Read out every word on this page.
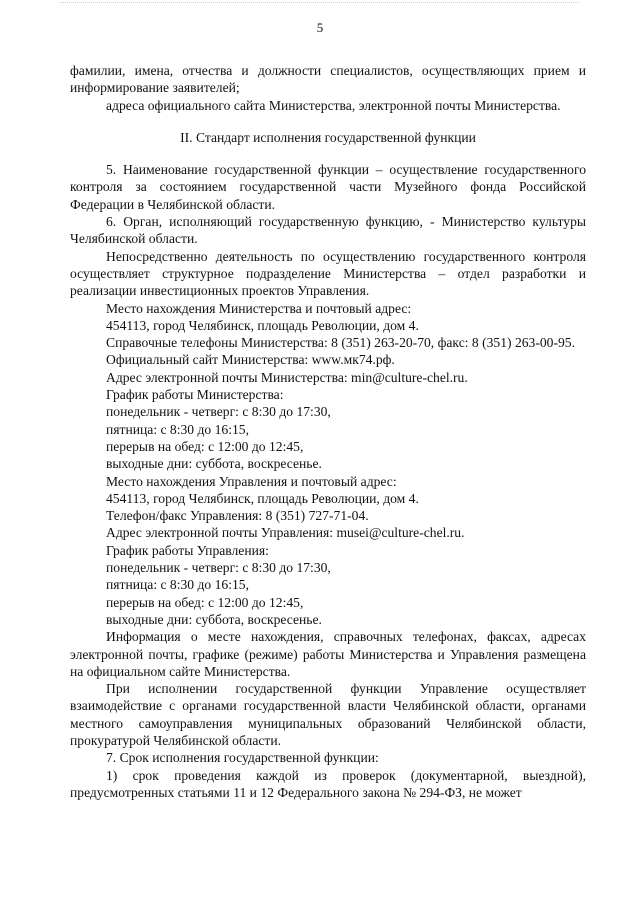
5

фамилии, имена, отчества и должности специалистов, осуществляющих прием и информирование заявителей;

адреса официального сайта Министерства, электронной почты Министерства.

II. Стандарт исполнения государственной функции

5. Наименование государственной функции – осуществление государственного контроля за состоянием государственной части Музейного фонда Российской Федерации в Челябинской области.

6. Орган, исполняющий государственную функцию, - Министерство культуры Челябинской области.

Непосредственно деятельность по осуществлению государственного контроля осуществляет структурное подразделение Министерства – отдел разработки и реализации инвестиционных проектов Управления.

Место нахождения Министерства и почтовый адрес:

454113, город Челябинск, площадь Революции, дом 4.

Справочные телефоны Министерства: 8 (351) 263-20-70, факс: 8 (351) 263-00-95.

Официальный сайт Министерства: www.мк74.рф.

Адрес электронной почты Министерства: min@culture-chel.ru.

График работы Министерства:

понедельник - четверг: с 8:30 до 17:30,

пятница: с 8:30 до 16:15,

перерыв на обед: с 12:00 до 12:45,

выходные дни: суббота, воскресенье.

Место нахождения Управления и почтовый адрес:

454113, город Челябинск, площадь Революции, дом 4.

Телефон/факс Управления: 8 (351) 727-71-04.

Адрес электронной почты Управления: musei@culture-chel.ru.

График работы Управления:

понедельник - четверг: с 8:30 до 17:30,

пятница: с 8:30 до 16:15,

перерыв на обед: с 12:00 до 12:45,

выходные дни: суббота, воскресенье.

Информация о месте нахождения, справочных телефонах, факсах, адресах электронной почты, графике (режиме) работы Министерства и Управления размещена на официальном сайте Министерства.

При исполнении государственной функции Управление осуществляет взаимодействие с органами государственной власти Челябинской области, органами местного самоуправления муниципальных образований Челябинской области, прокуратурой Челябинской области.

7. Срок исполнения государственной функции:

1) срок проведения каждой из проверок (документарной, выездной), предусмотренных статьями 11 и 12 Федерального закона № 294-ФЗ, не может
